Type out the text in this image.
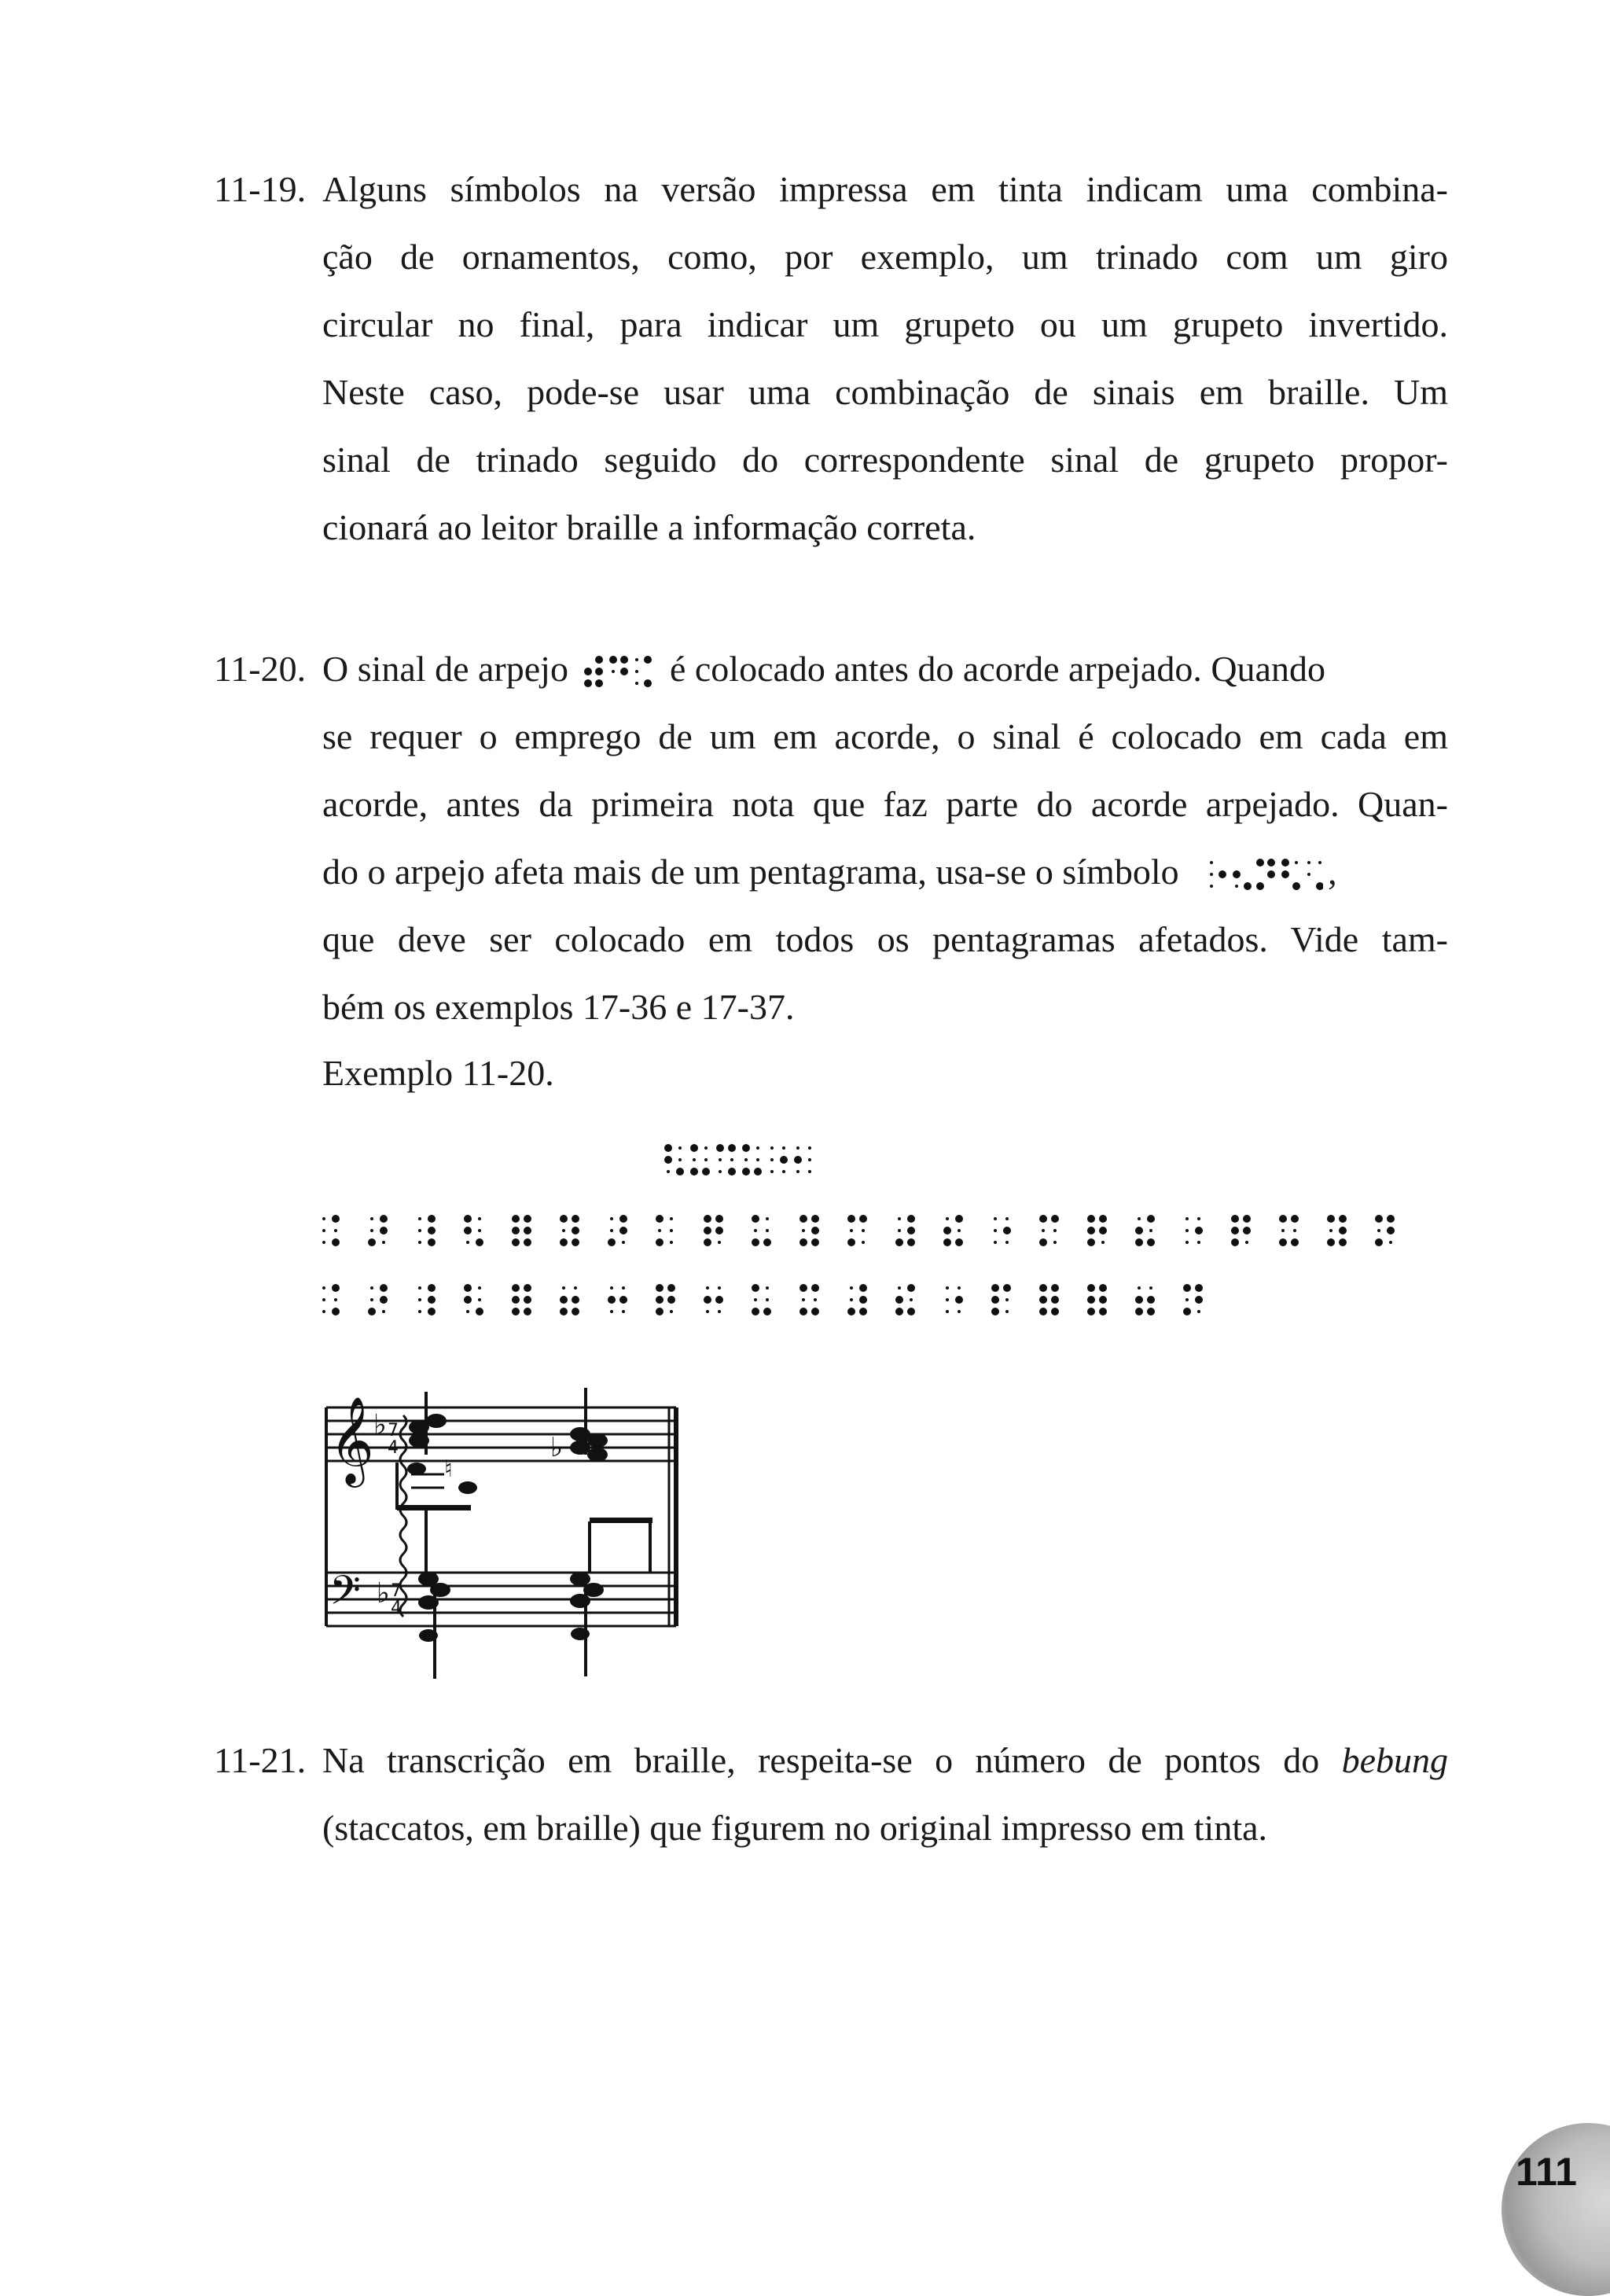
11-19. Alguns símbolos na versão impressa em tinta indicam uma combina-
ção de ornamentos, como, por exemplo, um trinado com um giro
circular no final, para indicar um grupeto ou um grupeto invertido.
Neste caso, pode-se usar uma combinação de sinais em braille. Um
sinal de trinado seguido do correspondente sinal de grupeto propor-
cionará ao leitor braille a informação correta.
11-20. O sinal de arpejo	é colocado antes do acorde arpejado. Quando
se requer o emprego de um em acorde, o sinal é colocado em cada em
acorde, antes da primeira nota que faz parte do acorde arpejado. Quan-
do o arpejo afeta mais de um pentagrama, usa-se o símbolo	,
que deve ser colocado em todos os pentagramas afetados. Vide tam-
bém os exemplos 17-36 e 17-37.
Exemplo 11-20.
𝄞
𝄢
♭
♭
7
4
7
4
♮
♭
11-21. Na transcrição em braille, respeita-se o número de pontos do bebung
(staccatos, em braille) que figurem no original impresso em tinta.
111
